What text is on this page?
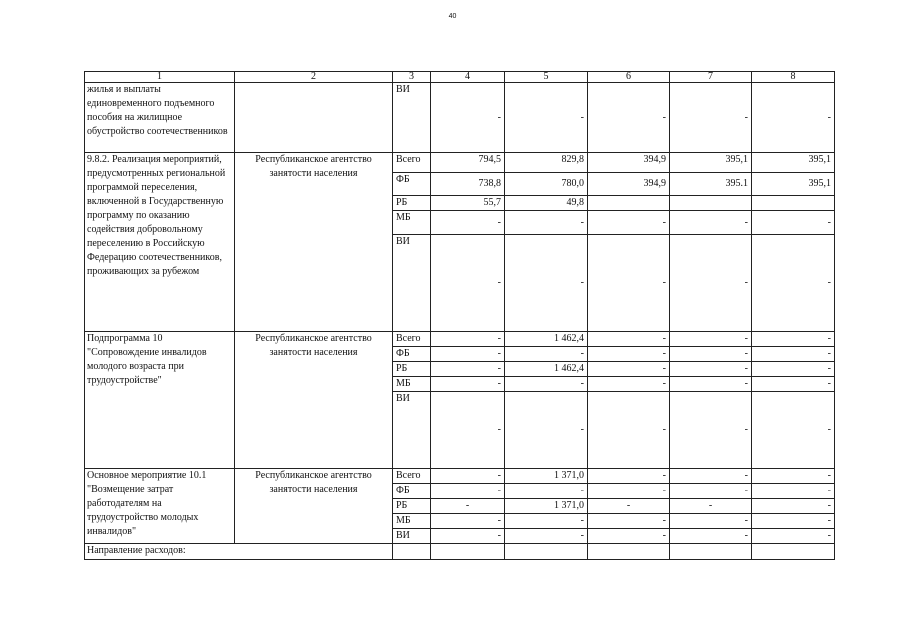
40
1	2	3	4	5	6	7	8
жилья и выплаты единовременного подъемного пособия на жилищное обустройство соотечественников		ВИ	-	-	-	-	-
9.8.2. Реализация мероприятий, предусмотренных региональной программой переселения, включенной в Государственную программу по оказанию содействия добровольному переселению в Российскую Федерацию соотечественников, проживающих за рубежом	Республиканское агентство занятости населения	Всего	794,5	829,8	394,9	395,1	395,1
		ФБ	738,8	780,0	394,9	395.1	395,1
		РБ	55,7	49,8			
		МБ	-	-	-	-	-
		ВИ	-	-	-	-	-
Подпрограмма 10 "Сопровождение инвалидов молодого возраста при трудоустройстве"	Республиканское агентство занятости населения	Всего	-	1 462,4	-	-	-
		ФБ	-	-	-	-	-
		РБ	-	1 462,4	-	-	-
		МБ	-	-	-	-	-
		ВИ	-	-	-	-	-
Основное мероприятие 10.1 "Возмещение затрат работодателям на трудоустройство молодых инвалидов"	Республиканское агентство занятости населения	Всего	-	1 371,0	-	-	-
		ФБ	-	-	-	-	-
		РБ	-	1 371,0	-	-	-
		МБ	-	-	-	-	-
		ВИ	-	-	-	-	-
Направление расходов:							
